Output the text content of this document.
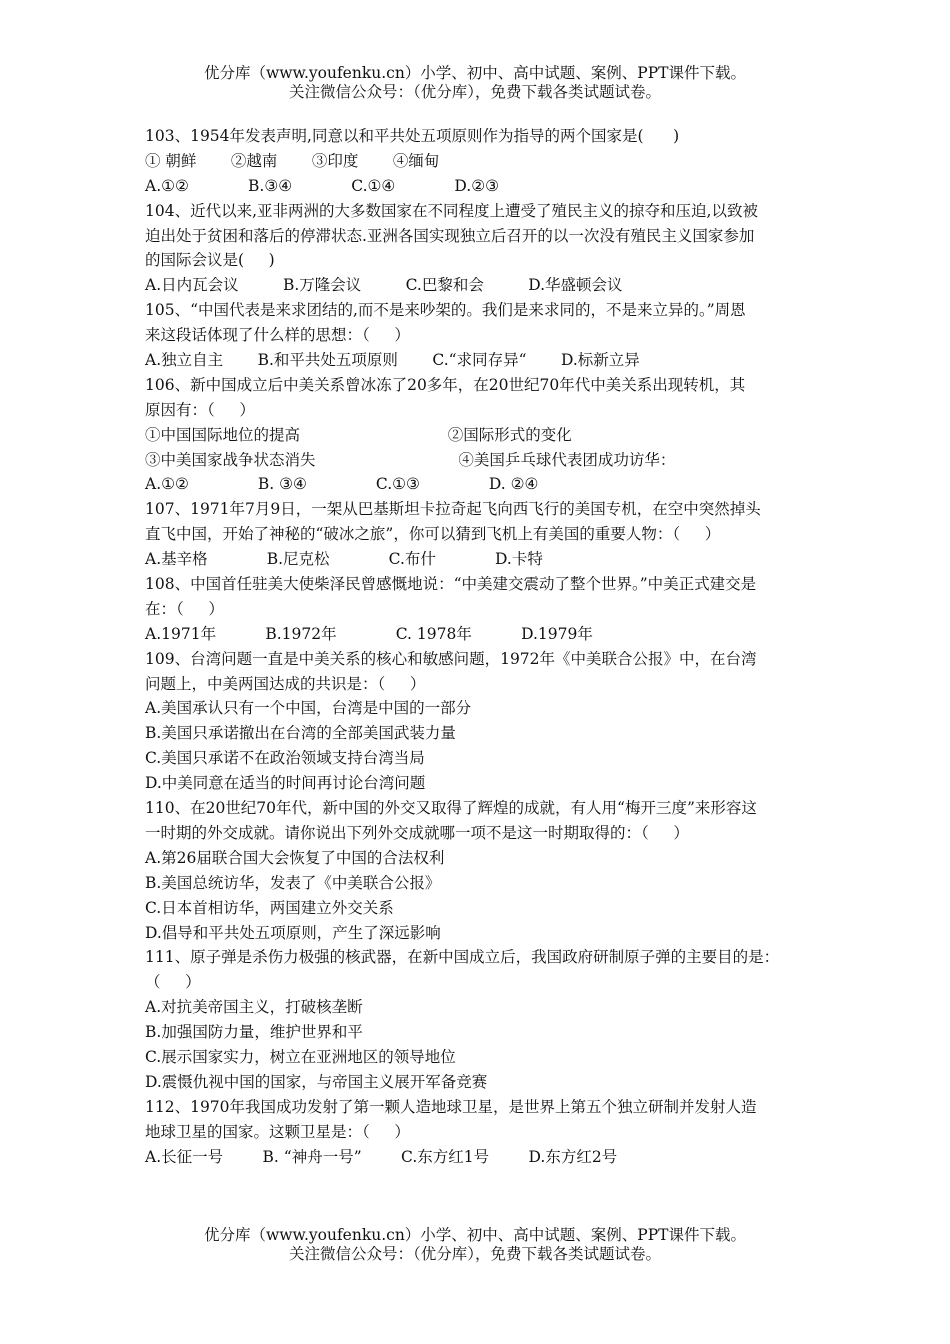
优分库（www.youfenku.cn）小学、初中、高中试题、案例、PPT课件下载。
关注微信公众号：（优分库），免费下载各类试题试卷。
103、1954年发表声明,同意以和平共处五项原则作为指导的两个国家是(      )
① 朝鲜       ②越南       ③印度       ④缅甸
A.①②            B.③④            C.①④            D.②③
104、近代以来,亚非两洲的大多数国家在不同程度上遭受了殖民主义的掠夺和压迫,以致被
迫出处于贫困和落后的停滞状态.亚洲各国实现独立后召开的以一次没有殖民主义国家参加
的国际会议是(     )
A.日内瓦会议         B.万隆会议         C.巴黎和会         D.华盛顿会议
105、“中国代表是来求团结的,而不是来吵架的。我们是来求同的，不是来立异的。”周恩
来这段话体现了什么样的思想：（     ）
A.独立自主       B.和平共处五项原则       C.“求同存异“       D.标新立异
106、新中国成立后中美关系曾冰冻了20多年，在20世纪70年代中美关系出现转机，其
原因有：（     ）
①中国国际地位的提高                              ②国际形式的变化
③中美国家战争状态消失                             ④美国乒乓球代表团成功访华：
A.①②              B. ③④              C.①③              D. ②④
107、1971年7月9日，一架从巴基斯坦卡拉奇起飞向西飞行的美国专机，在空中突然掉头
直飞中国，开始了神秘的“破冰之旅”，你可以猜到飞机上有美国的重要人物：（     ）
A.基辛格            B.尼克松            C.布什            D.卡特
108、中国首任驻美大使柴泽民曾感慨地说：“中美建交震动了整个世界。”中美正式建交是
在：（     ）
A.1971年          B.1972年            C. 1978年          D.1979年
109、台湾问题一直是中美关系的核心和敏感问题，1972年《中美联合公报》中，在台湾
问题上，中美两国达成的共识是：（     ）
A.美国承认只有一个中国，台湾是中国的一部分
B.美国只承诺撤出在台湾的全部美国武装力量
C.美国只承诺不在政治领域支持台湾当局
D.中美同意在适当的时间再讨论台湾问题
110、在20世纪70年代，新中国的外交又取得了辉煌的成就，有人用“梅开三度”来形容这
一时期的外交成就。请你说出下列外交成就哪一项不是这一时期取得的：（     ）
A.第26届联合国大会恢复了中国的合法权利
B.美国总统访华，发表了《中美联合公报》
C.日本首相访华，两国建立外交关系
D.倡导和平共处五项原则，产生了深远影响
111、原子弹是杀伤力极强的核武器，在新中国成立后，我国政府研制原子弹的主要目的是：
（     ）
A.对抗美帝国主义，打破核垄断
B.加强国防力量，维护世界和平
C.展示国家实力，树立在亚洲地区的领导地位
D.震慑仇视中国的国家，与帝国主义展开军备竞赛
112、1970年我国成功发射了第一颗人造地球卫星，是世界上第五个独立研制并发射人造
地球卫星的国家。这颗卫星是：（     ）
A.长征一号        B. “神舟一号”        C.东方红1号        D.东方红2号
优分库（www.youfenku.cn）小学、初中、高中试题、案例、PPT课件下载。
关注微信公众号：（优分库），免费下载各类试题试卷。
